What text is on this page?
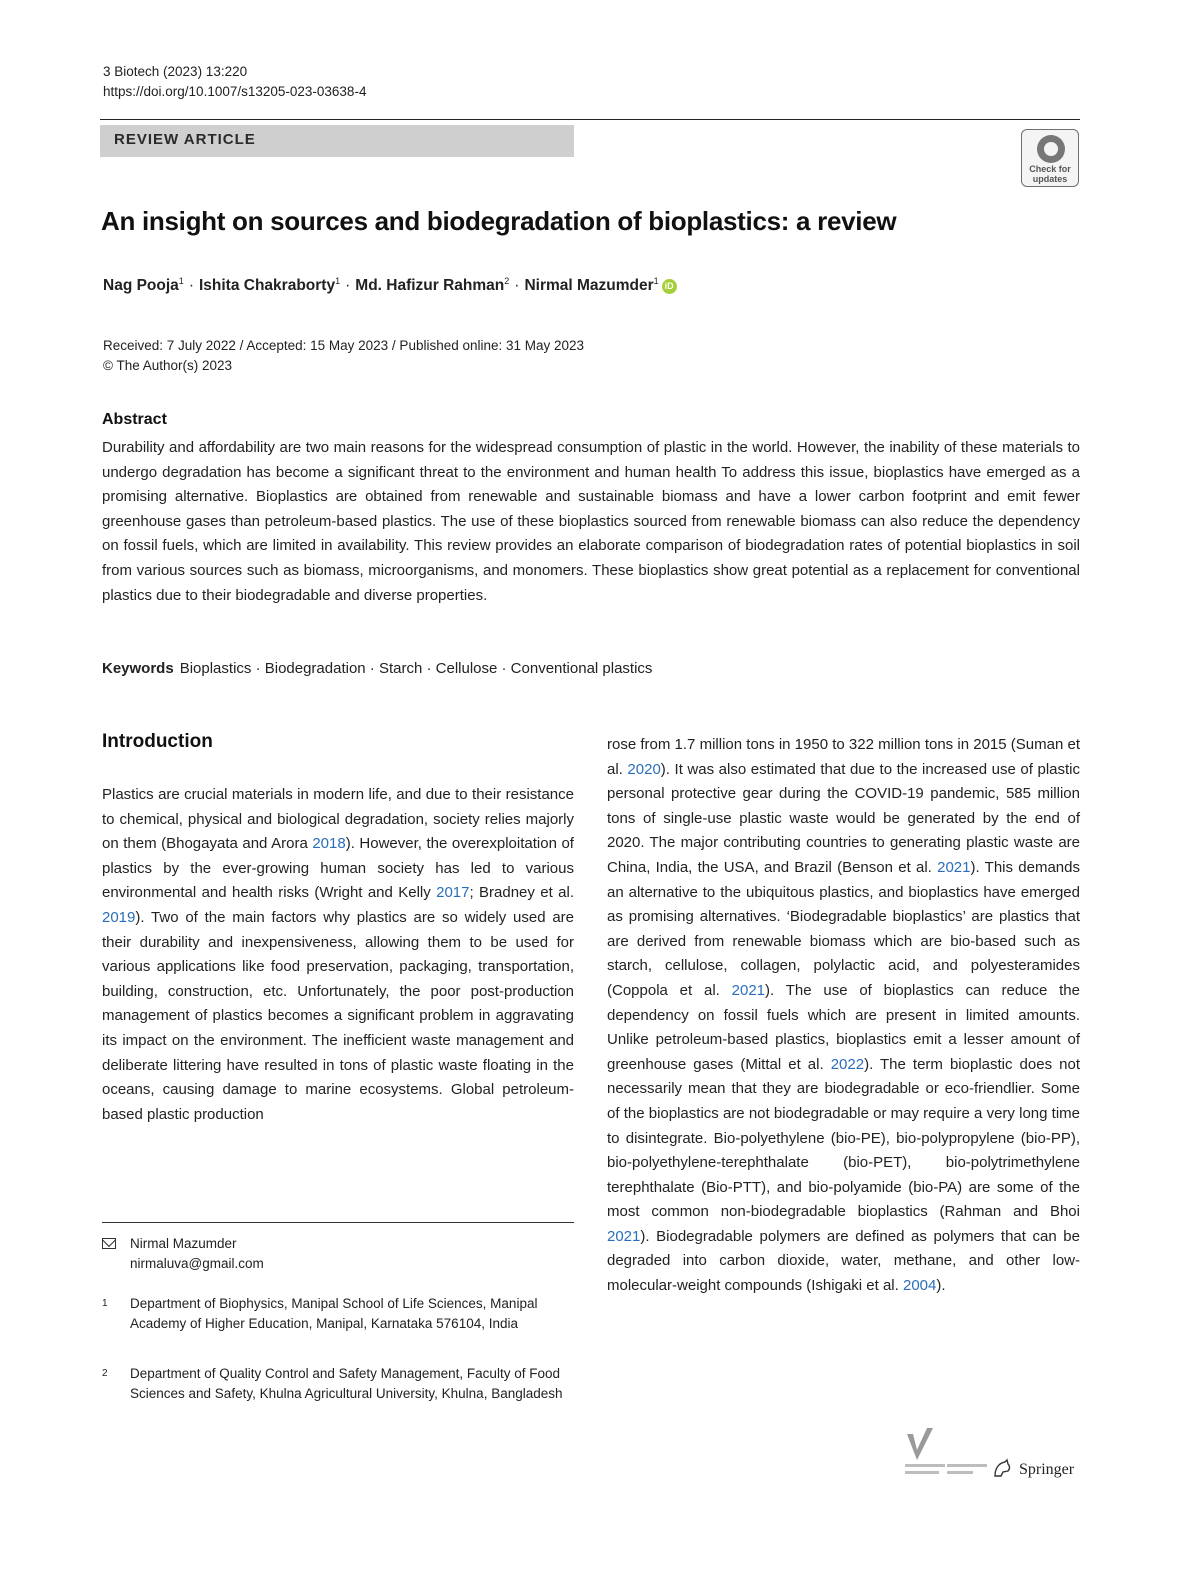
3 Biotech (2023) 13:220
https://doi.org/10.1007/s13205-023-03638-4
REVIEW ARTICLE
Check for
updates
An insight on sources and biodegradation of bioplastics: a review
Nag Pooja$^1$ · Ishita Chakraborty$^1$ · Md. Hafizur Rahman$^2$ · Nirmal Mazumder$^1$iD
Received: 7 July 2022 / Accepted: 15 May 2023 / Published online: 31 May 2023
© The Author(s) 2023
Abstract

Durability and affordability are two main reasons for the widespread consumption of plastic in the world. However, the inability of these materials to undergo degradation has become a significant threat to the environment and human health To address this issue, bioplastics have emerged as a promising alternative. Bioplastics are obtained from renewable and sustainable biomass and have a lower carbon footprint and emit fewer greenhouse gases than petroleum-based plastics. The use of these bioplastics sourced from renewable biomass can also reduce the dependency on fossil fuels, which are limited in availability. This review provides an elaborate comparison of biodegradation rates of potential bioplastics in soil from various sources such as biomass, microorganisms, and monomers. These bioplastics show great potential as a replacement for conventional plastics due to their biodegradable and diverse properties.

Keywords Bioplastics · Biodegradation · Starch · Cellulose · Conventional plastics
Introduction

Plastics are crucial materials in modern life, and due to their resistance to chemical, physical and biological degradation, society relies majorly on them (Bhogayata and Arora 2018). However, the overexploitation of plastics by the ever-growing human society has led to various environmental and health risks (Wright and Kelly 2017; Bradney et al. 2019). Two of the main factors why plastics are so widely used are their durability and inexpensiveness, allowing them to be used for various applications like food preservation, packaging, transportation, building, construction, etc. Unfortunately, the poor post-production management of plastics becomes a significant problem in aggravating its impact on the environment. The inefficient waste management and deliberate littering have resulted in tons of plastic waste floating in the oceans, causing damage to marine ecosystems. Global petroleum-based plastic production

rose from 1.7 million tons in 1950 to 322 million tons in 2015 (Suman et al. 2020). It was also estimated that due to the increased use of plastic personal protective gear during the COVID-19 pandemic, 585 million tons of single-use plastic waste would be generated by the end of 2020. The major contributing countries to generating plastic waste are China, India, the USA, and Brazil (Benson et al. 2021). This demands an alternative to the ubiquitous plastics, and bioplastics have emerged as promising alternatives. ‘Biodegradable bioplastics’ are plastics that are derived from renewable biomass which are bio-based such as starch, cellulose, collagen, polylactic acid, and polyesteramides (Coppola et al. 2021). The use of bioplastics can reduce the dependency on fossil fuels which are present in limited amounts. Unlike petroleum-based plastics, bioplastics emit a lesser amount of greenhouse gases (Mittal et al. 2022). The term bioplastic does not necessarily mean that they are biodegradable or eco-friendlier. Some of the bioplastics are not biodegradable or may require a very long time to disintegrate. Bio-polyethylene (bio-PE), bio-polypropylene (bio-PP), bio-polyethylene-terephthalate (bio-PET), bio-polytrimethylene terephthalate (Bio-PTT), and bio-polyamide (bio-PA) are some of the most common non-biodegradable bioplastics (Rahman and Bhoi 2021). Biodegradable polymers are defined as polymers that can be degraded into carbon dioxide, water, methane, and other low-molecular-weight compounds (Ishigaki et al. 2004).

Nirmal Mazumder
nirmaluva@gmail.com
1	Department of Biophysics, Manipal School of Life Sciences, Manipal Academy of Higher Education, Manipal, Karnataka 576104, India
2	Department of Quality Control and Safety Management, Faculty of Food Sciences and Safety, Khulna Agricultural University, Khulna, Bangladesh
Springer
